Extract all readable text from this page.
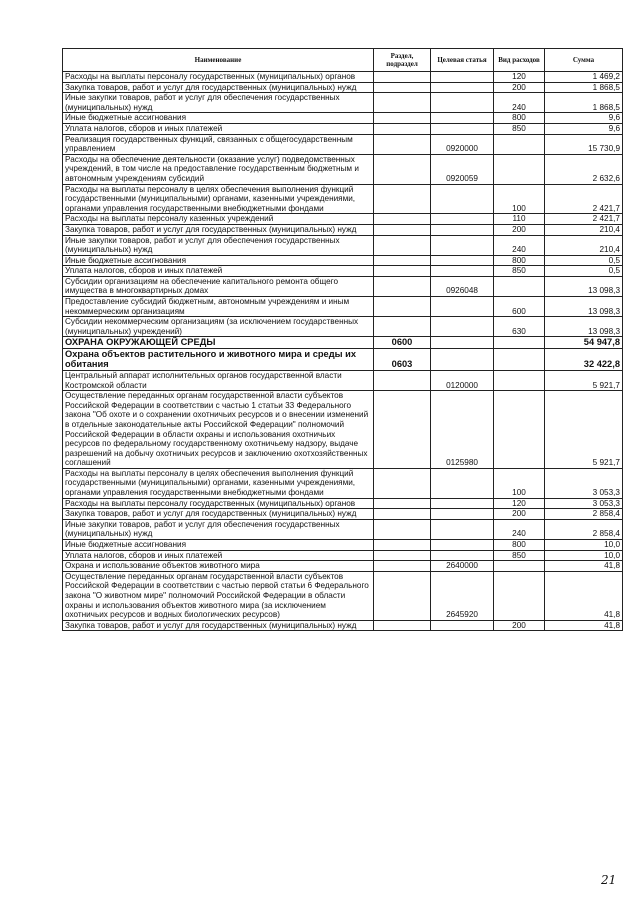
Наименование	Раздел, подраздел	Целевая статья	Вид расходов	Сумма
Расходы на выплаты персоналу государственных (муниципальных) органов			120	1 469,2
Закупка товаров, работ и услуг для государственных (муниципальных) нужд			200	1 868,5
Иные закупки товаров, работ и услуг для обеспечения государственных (муниципальных) нужд			240	1 868,5
Иные бюджетные ассигнования			800	9,6
Уплата налогов, сборов и иных платежей			850	9,6
Реализация государственных функций, связанных с общегосударственным управлением		0920000		15 730,9
Расходы на обеспечение деятельности (оказание услуг) подведомственных учреждений, в том числе на предоставление государственным бюджетным и автономным учреждениям субсидий		0920059		2 632,6
Расходы на выплаты персоналу в целях обеспечения выполнения функций государственными (муниципальными) органами, казенными учреждениями, органами управления государственными внебюджетными фондами			100	2 421,7
Расходы на выплаты персоналу казенных учреждений			110	2 421,7
Закупка товаров, работ и услуг для государственных (муниципальных) нужд			200	210,4
Иные закупки товаров, работ и услуг для обеспечения государственных (муниципальных) нужд			240	210,4
Иные бюджетные ассигнования			800	0,5
Уплата налогов, сборов и иных платежей			850	0,5
Субсидии организациям на обеспечение капитального ремонта общего имущества в многоквартирных домах		0926048		13 098,3
Предоставление субсидий бюджетным, автономным учреждениям и иным некоммерческим организациям			600	13 098,3
Субсидии некоммерческим организациям (за исключением государственных (муниципальных) учреждений)			630	13 098,3
ОХРАНА ОКРУЖАЮЩЕЙ СРЕДЫ	0600			54 947,8
Охрана объектов растительного и животного мира и среды их обитания	0603			32 422,8
Центральный аппарат исполнительных органов государственной власти Костромской области		0120000		5 921,7
Осуществление переданных органам государственной власти субъектов Российской Федерации в соответствии с частью 1 статьи 33 Федерального закона "Об охоте и о сохранении охотничьих ресурсов и о внесении изменений в отдельные законодательные акты Российской Федерации" полномочий Российской Федерации в области охраны и использования охотничьих ресурсов по федеральному государственному охотничьему надзору, выдаче разрешений на добычу охотничьих ресурсов и заключению охотхозяйственных соглашений		0125980		5 921,7
Расходы на выплаты персоналу в целях обеспечения выполнения функций государственными (муниципальными) органами, казенными учреждениями, органами управления государственными внебюджетными фондами			100	3 053,3
Расходы на выплаты персоналу государственных (муниципальных) органов			120	3 053,3
Закупка товаров, работ и услуг для государственных (муниципальных) нужд			200	2 858,4
Иные закупки товаров, работ и услуг для обеспечения государственных (муниципальных) нужд			240	2 858,4
Иные бюджетные ассигнования			800	10,0
Уплата налогов, сборов и иных платежей			850	10,0
Охрана и использование объектов животного мира		2640000		41,8
Осуществление переданных органам государственной власти субъектов Российской Федерации в соответствии с частью первой статьи 6 Федерального закона "О животном мире" полномочий Российской Федерации в области охраны и использования объектов животного мира (за исключением охотничьих ресурсов и водных биологических ресурсов)		2645920		41,8
Закупка товаров, работ и услуг для государственных (муниципальных) нужд			200	41,8
21
